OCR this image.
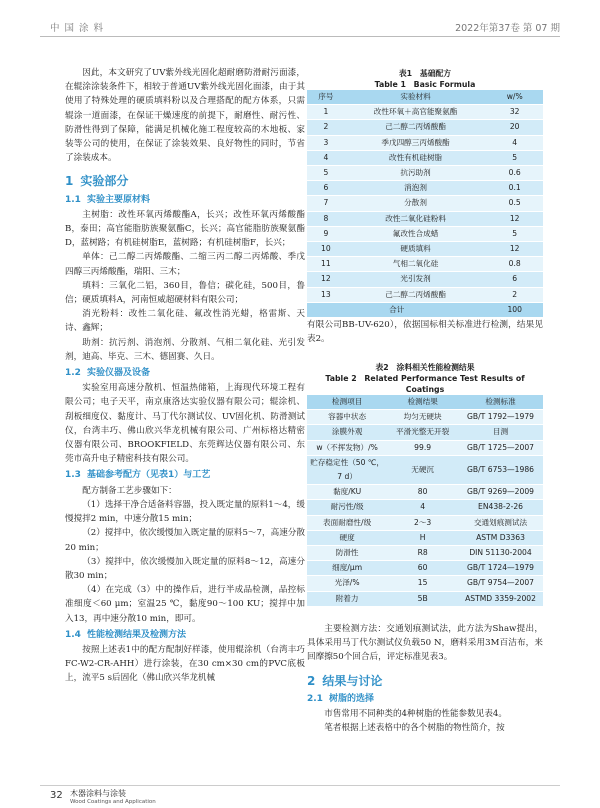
中 国 涂 料	2022年第37卷 第 07 期

因此，本文研究了UV紫外线光固化超耐磨防滑耐污面漆，在辊涂涂装条件下，相较于普通UV紫外线光固化面漆，由于其使用了特殊处理的硬质填料粉以及合理搭配的配方体系，只需辊涂一道面漆，在保证干燥速度的前提下，耐磨性、耐污性、防滑性得到了保障，能满足机械化施工程度较高的木地板、家装等公司的使用，在保证了涂装效果、良好物性的同时，节省了涂装成本。

1 实验部分
1.1 实验主要原材料

主树脂：改性环氧丙烯酸酯A，长兴；改性环氧丙烯酸酯B，泰田；高官能脂肪族聚氨酯C，长兴；高官能脂肪族聚氨酯D，蓝树路；有机硅树脂E，蓝树路；有机硅树脂F，长兴；

单体：己二醇二丙烯酸酯、二缩三丙二醇二丙烯酸、季戊四醇三丙烯酸酯，瑞阳、三木；

填料：三氧化二铝，360目，鲁信；碳化硅，500目，鲁信；硬质填料A，河南恒威超硬材料有限公司；

消光粉料：改性二氧化硅、氟改性消光蜡，格雷斯、天诗、鑫辉；

助剂：抗污剂、消泡剂、分散剂、气相二氧化硅、光引发剂，迪高、毕克、三木、德固赛、久日。

1.2 实验仪器及设备

实验室用高速分散机、恒温热储箱，上海现代环境工程有限公司；电子天平，南京康洛达实验仪器有限公司；辊涂机、刮板细度仪、黏度计、马丁代尔测试仪、UV固化机、防滑测试仪，台湾丰巧、佛山欣兴华龙机械有限公司、广州标格达精密仪器有限公司、BROOKFIELD、东莞辉达仪器有限公司、东莞市高升电子精密科技有限公司。

1.3 基础参考配方（见表1）与工艺

配方制备工艺步骤如下：

（1）选择干净合适备料容器，投入既定量的原料1～4，缓慢搅拌2 min，中速分散15 min；

（2）搅拌中，依次缓慢加入既定量的原料5～7，高速分散20 min；

（3）搅拌中，依次缓慢加入既定量的原料8～12，高速分散30 min；

（4）在完成（3）中的操作后，进行半成品检测，品控标准细度＜60 μm；室温25 ℃，黏度90～100 KU；搅拌中加入13，再中速分散10 min，即可。

1.4 性能检测结果及检测方法

按照上述表1中的配方配制好样漆，使用辊涂机（台湾丰巧FC-W2-CR-AHH）进行涂装，在30 cm×30 cm的PVC底板上，流平5 s后固化（佛山欣兴华龙机械

表1　基础配方
Table 1　Basic Formula
序号	实验材料	w/%
1	改性环氧＋高官能聚氨酯	32
2	己二醇二丙烯酸酯	20
3	季戊四醇三丙烯酸酯	4
4	改性有机硅树脂	5
5	抗污助剂	0.6
6	消泡剂	0.1
7	分散剂	0.5
8	改性二氧化硅粉料	12
9	氟改性合成蜡	5
10	硬质填料	12
11	气相二氧化硅	0.8
12	光引发剂	6
13	己二醇二丙烯酸酯	2
合计		100

有限公司BB-UV-620），依据国标相关标准进行检测，结果见表2。

表2　涂料相关性能检测结果
Table 2　Related Performance Test Results of Coatings
检测项目	检测结果	检测标准
容器中状态	均匀无硬块	GB/T 1792—1979
涂膜外观	平滑光整无开裂	目测
w（不挥发物）/%	99.9	GB/T 1725—2007
贮存稳定性（50 ℃，7 d）	无硬沉	GB/T 6753—1986
黏度/KU	80	GB/T 9269—2009
耐污性/级	4	EN438-2-26
表面耐磨性/级	2～3	交通划痕测试法
硬度	H	ASTM D3363
防滑性	R8	DIN 51130-2004
细度/μm	60	GB/T 1724—1979
光泽/%	15	GB/T 9754—2007
附着力	5B	ASTMD 3359-2002

主要检测方法：交通划痕测试法，此方法为Shaw提出，具体采用马丁代尔测试仪负载50 N，磨料采用3M百洁布，来回摩擦50个回合后，评定标准见表3。

2 结果与讨论
2.1 树脂的选择

市售常用不同种类的4种树脂的性能参数见表4。

笔者根据上述表格中的各个树脂的物性简介，按

32 木器涂料与涂装
Wood Coatings and Application
